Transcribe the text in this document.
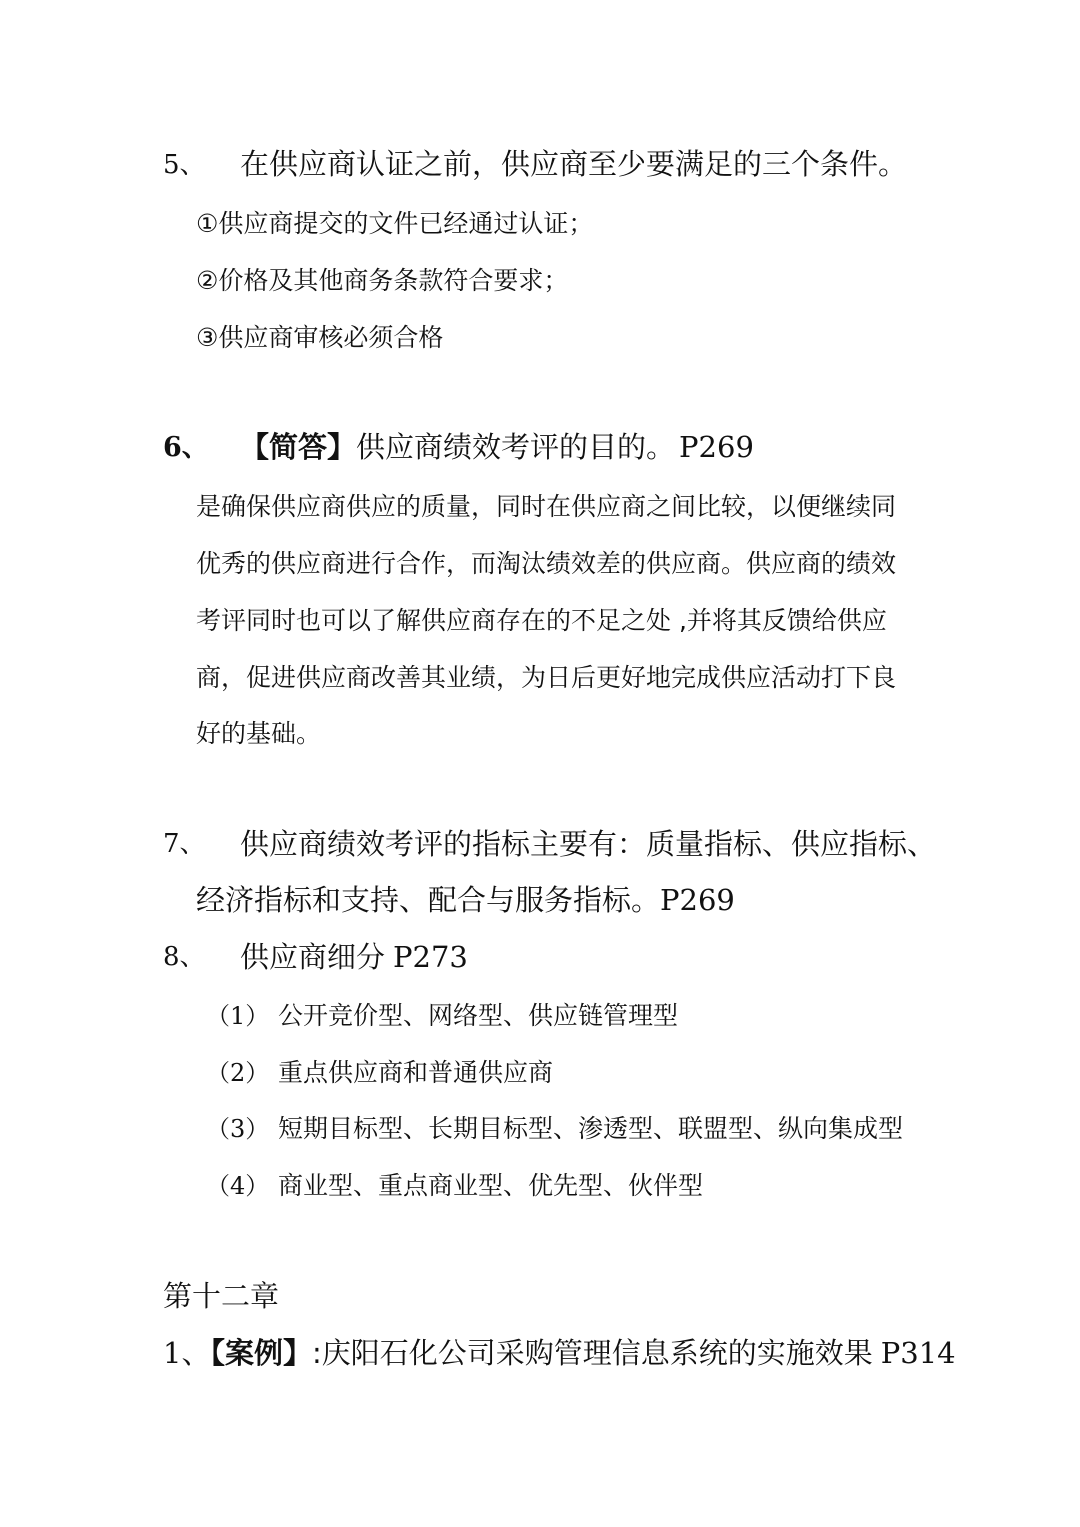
5、 在供应商认证之前，供应商至少要满足的三个条件。
①供应商提交的文件已经通过认证；
②价格及其他商务条款符合要求；
③供应商审核必须合格
6、 【简答】供应商绩效考评的目的。 P269
是确保供应商供应的质量，同时在供应商之间比较，以便继续同
优秀的供应商进行合作，而淘汰绩效差的供应商。供应商的绩效
考评同时也可以了解供应商存在的不足之处 ,并将其反馈给供应
商，促进供应商改善其业绩，为日后更好地完成供应活动打下良
好的基础。
7、 供应商绩效考评的指标主要有：质量指标、供应指标、
经济指标和支持、配合与服务指标。P269
8、 供应商细分 P273
（1） 公开竞价型、网络型、供应链管理型
（2） 重点供应商和普通供应商
（3） 短期目标型、长期目标型、渗透型、联盟型、纵向集成型
（4） 商业型、重点商业型、优先型、伙伴型
第十二章
1、【案例】:庆阳石化公司采购管理信息系统的实施效果 P314
